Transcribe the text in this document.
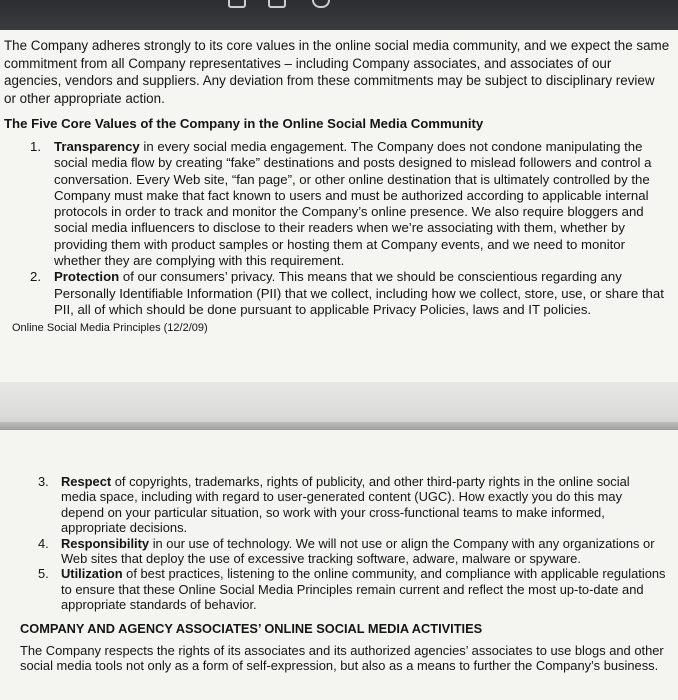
The Company adheres strongly to its core values in the online social media community, and we expect the same commitment from all Company representatives – including Company associates, and associates of our agencies, vendors and suppliers. Any deviation from these commitments may be subject to disciplinary review or other appropriate action.

The Five Core Values of the Company in the Online Social Media Community

1. Transparency in every social media engagement. The Company does not condone manipulating the social media flow by creating “fake” destinations and posts designed to mislead followers and control a conversation. Every Web site, “fan page”, or other online destination that is ultimately controlled by the Company must make that fact known to users and must be authorized according to applicable internal protocols in order to track and monitor the Company’s online presence. We also require bloggers and social media influencers to disclose to their readers when we’re associating with them, whether by providing them with product samples or hosting them at Company events, and we need to monitor whether they are complying with this requirement.
2. Protection of our consumers’ privacy. This means that we should be conscientious regarding any Personally Identifiable Information (PII) that we collect, including how we collect, store, use, or share that PII, all of which should be done pursuant to applicable Privacy Policies, laws and IT policies.

Online Social Media Principles (12/2/09)

3. Respect of copyrights, trademarks, rights of publicity, and other third-party rights in the online social media space, including with regard to user-generated content (UGC). How exactly you do this may depend on your particular situation, so work with your cross-functional teams to make informed, appropriate decisions.
4. Responsibility in our use of technology. We will not use or align the Company with any organizations or Web sites that deploy the use of excessive tracking software, adware, malware or spyware.
5. Utilization of best practices, listening to the online community, and compliance with applicable regulations to ensure that these Online Social Media Principles remain current and reflect the most up-to-date and appropriate standards of behavior.

COMPANY AND AGENCY ASSOCIATES’ ONLINE SOCIAL MEDIA ACTIVITIES

The Company respects the rights of its associates and its authorized agencies’ associates to use blogs and other social media tools not only as a form of self-expression, but also as a means to further the Company’s business.
